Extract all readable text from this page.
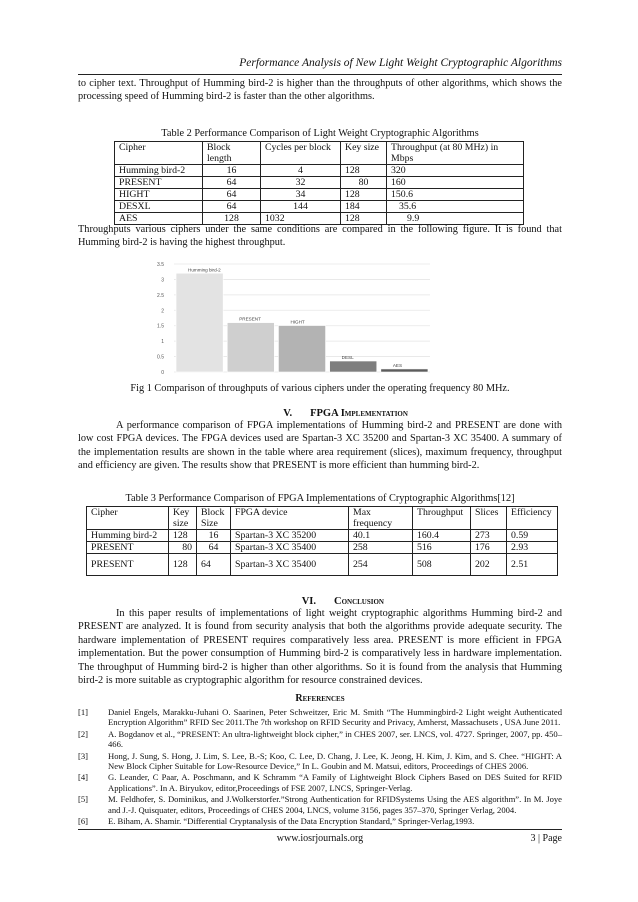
Performance Analysis of New Light Weight Cryptographic Algorithms

to cipher text. Throughput of Humming bird-2 is higher than the throughputs of other algorithms, which shows the processing speed of Humming bird-2 is faster than the other algorithms.

Table 2 Performance Comparison of Light Weight Cryptographic Algorithms

Cipher	Block length	Cycles per block	Key size	Throughput (at 80 MHz) in Mbps
Humming bird-2	16	4	128	320
PRESENT	64	32	80	160
HIGHT	64	34	128	150.6
DESXL	64	144	184	35.6
AES	128	1032	128	9.9

Throughputs various ciphers under the same conditions are compared in the following figure. It is found that Humming bird-2 is having the highest throughput.

0
0.5
1
1.5
2
2.5
3
3.5
Humming bird-2
PRESENT
HIGHT
DESL
AES

Fig 1 Comparison of throughputs of various ciphers under the operating frequency 80 MHz.

V. FPGA Implementation

A performance comparison of FPGA implementations of Humming bird-2 and PRESENT are done with low cost FPGA devices. The FPGA devices used are Spartan-3 XC 35200 and Spartan-3 XC 35400. A summary of the implementation results are shown in the table where area requirement (slices), maximum frequency, throughput and efficiency are given. The results show that PRESENT is more efficient than humming bird-2.

Table 3 Performance Comparison of FPGA Implementations of Cryptographic Algorithms[12]

Cipher	Key size	Block Size	FPGA device	Max frequency	Throughput	Slices	Efficiency
Humming bird-2	128	16	Spartan-3 XC 35200	40.1	160.4	273	0.59
PRESENT	80	64	Spartan-3 XC 35400	258	516	176	2.93
PRESENT	128	64	Spartan-3 XC 35400	254	508	202	2.51

VI. Conclusion

In this paper results of implementations of light weight cryptographic algorithms Humming bird-2 and PRESENT are analyzed. It is found from security analysis that both the algorithms provide adequate security. The hardware implementation of PRESENT requires comparatively less area. PRESENT is more efficient in FPGA implementation. But the power consumption of Humming bird-2 is comparatively less in hardware implementation. The throughput of Humming bird-2 is higher than other algorithms. So it is found from the analysis that Humming bird-2 is more suitable as cryptographic algorithm for resource constrained devices.

References

[1]	Daniel Engels, Marakku-Juhani O. Saarinen, Peter Schweitzer, Eric M. Smith “The Hummingbird-2 Light weight Authenticated Encryption Algorithm” RFID Sec 2011.The 7th workshop on RFID Security and Privacy, Amherst, Massachusets , USA June 2011.
[2]	A. Bogdanov et al., “PRESENT: An ultra-lightweight block cipher,” in CHES 2007, ser. LNCS, vol. 4727. Springer, 2007, pp. 450–466.
[3]	Hong, J. Sung, S. Hong, J. Lim, S. Lee, B.-S; Koo, C. Lee, D. Chang, J. Lee, K. Jeong, H. Kim, J. Kim, and S. Chee. “HIGHT: A New Block Cipher Suitable for Low-Resource Device,” In L. Goubin and M. Matsui, editors, Proceedings of CHES 2006.
[4]	G. Leander, C Paar, A. Poschmann, and K Schramm “A Family of Lightweight Block Ciphers Based on DES Suited for RFID Applications”. In A. Biryukov, editor,Proceedings of FSE 2007, LNCS, Springer-Verlag.
[5]	M. Feldhofer, S. Dominikus, and J.Wolkerstorfer.”Strong Authentication for RFIDSystems Using the AES algorithm”. In M. Joye and J.-J. Quisquater, editors, Proceedings of CHES 2004, LNCS, volume 3156, pages 357–370, Springer Verlag, 2004.
[6]	E. Biham, A. Shamir. “Differential Cryptanalysis of the Data Encryption Standard,” Springer-Verlag,1993.
www.iosrjournals.org	3 | Page
